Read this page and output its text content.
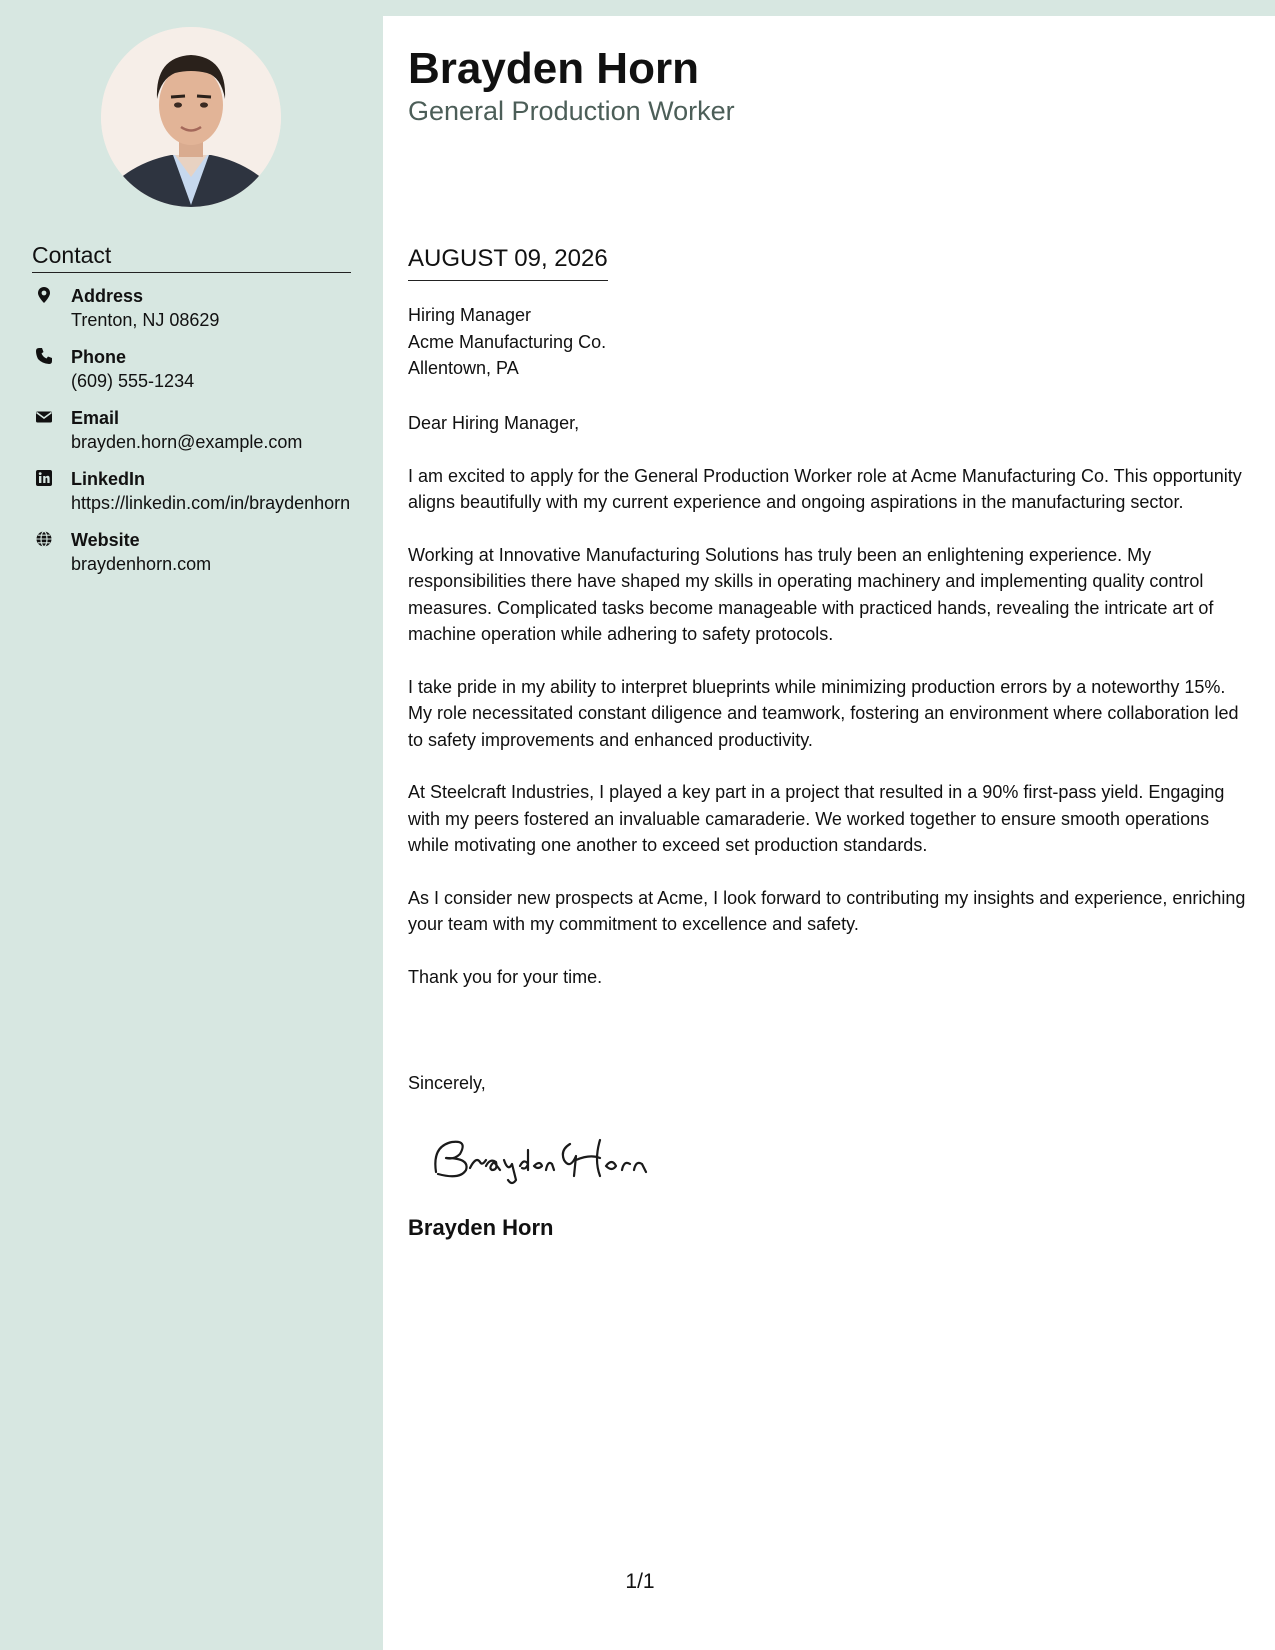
Contact
Address
Trenton, NJ 08629
Phone
(609) 555-1234
Email
brayden.horn@example.com
LinkedIn
https://linkedin.com/in/braydenhorn
Website
braydenhorn.com
Brayden Horn
General Production Worker
AUGUST 09, 2026
Hiring Manager
Acme Manufacturing Co.
Allentown, PA

Dear Hiring Manager,

I am excited to apply for the General Production Worker role at Acme Manufacturing Co. This opportunity aligns beautifully with my current experience and ongoing aspirations in the manufacturing sector.

Working at Innovative Manufacturing Solutions has truly been an enlightening experience. My responsibilities there have shaped my skills in operating machinery and implementing quality control measures. Complicated tasks become manageable with practiced hands, revealing the intricate art of machine operation while adhering to safety protocols.

I take pride in my ability to interpret blueprints while minimizing production errors by a noteworthy 15%. My role necessitated constant diligence and teamwork, fostering an environment where collaboration led to safety improvements and enhanced productivity.

At Steelcraft Industries, I played a key part in a project that resulted in a 90% first-pass yield. Engaging with my peers fostered an invaluable camaraderie. We worked together to ensure smooth operations while motivating one another to exceed set production standards.

As I consider new prospects at Acme, I look forward to contributing my insights and experience, enriching your team with my commitment to excellence and safety.

Thank you for your time.

Sincerely,
Brayden Horn
1/1
